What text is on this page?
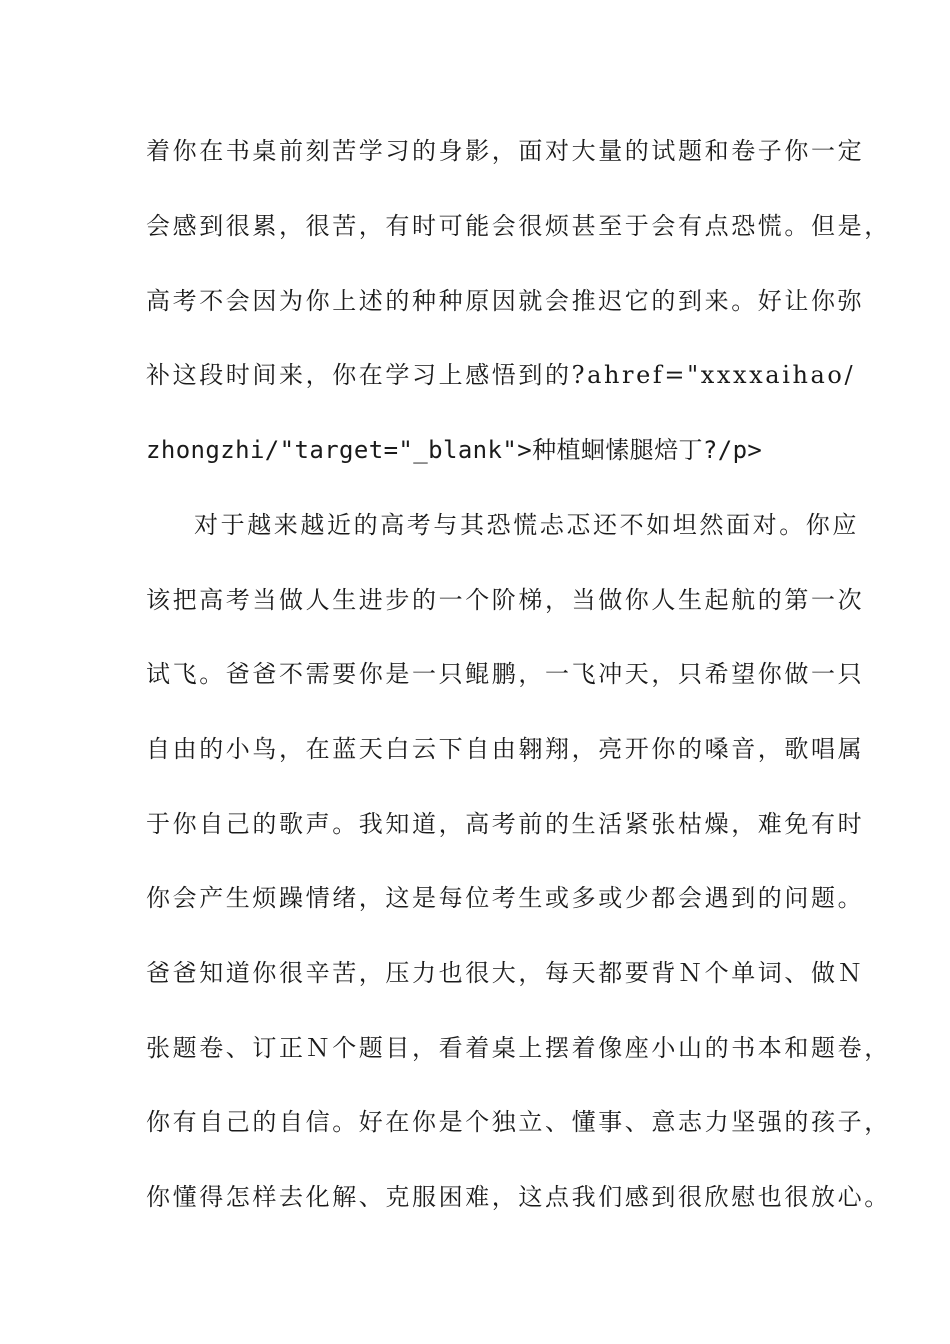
着你在书桌前刻苦学习的身影，面对大量的试题和卷子你一定

会感到很累，很苦，有时可能会很烦甚至于会有点恐慌。但是，

高考不会因为你上述的种种原因就会推迟它的到来。好让你弥

补这段时间来，你在学习上感悟到的?ahref="xxxxaihao/

zhongzhi/"target="_blank">种植蛔愫腿焙丁?/p>

对于越来越近的高考与其恐慌忐忑还不如坦然面对。你应

该把高考当做人生进步的一个阶梯，当做你人生起航的第一次

试飞。爸爸不需要你是一只鲲鹏，一飞冲天，只希望你做一只

自由的小鸟，在蓝天白云下自由翱翔，亮开你的嗓音，歌唱属

于你自己的歌声。我知道，高考前的生活紧张枯燥，难免有时

你会产生烦躁情绪，这是每位考生或多或少都会遇到的问题。

爸爸知道你很辛苦，压力也很大，每天都要背Ｎ个单词、做Ｎ

张题卷、订正Ｎ个题目，看着桌上摆着像座小山的书本和题卷，

你有自己的自信。好在你是个独立、懂事、意志力坚强的孩子，

你懂得怎样去化解、克服困难，这点我们感到很欣慰也很放心。
